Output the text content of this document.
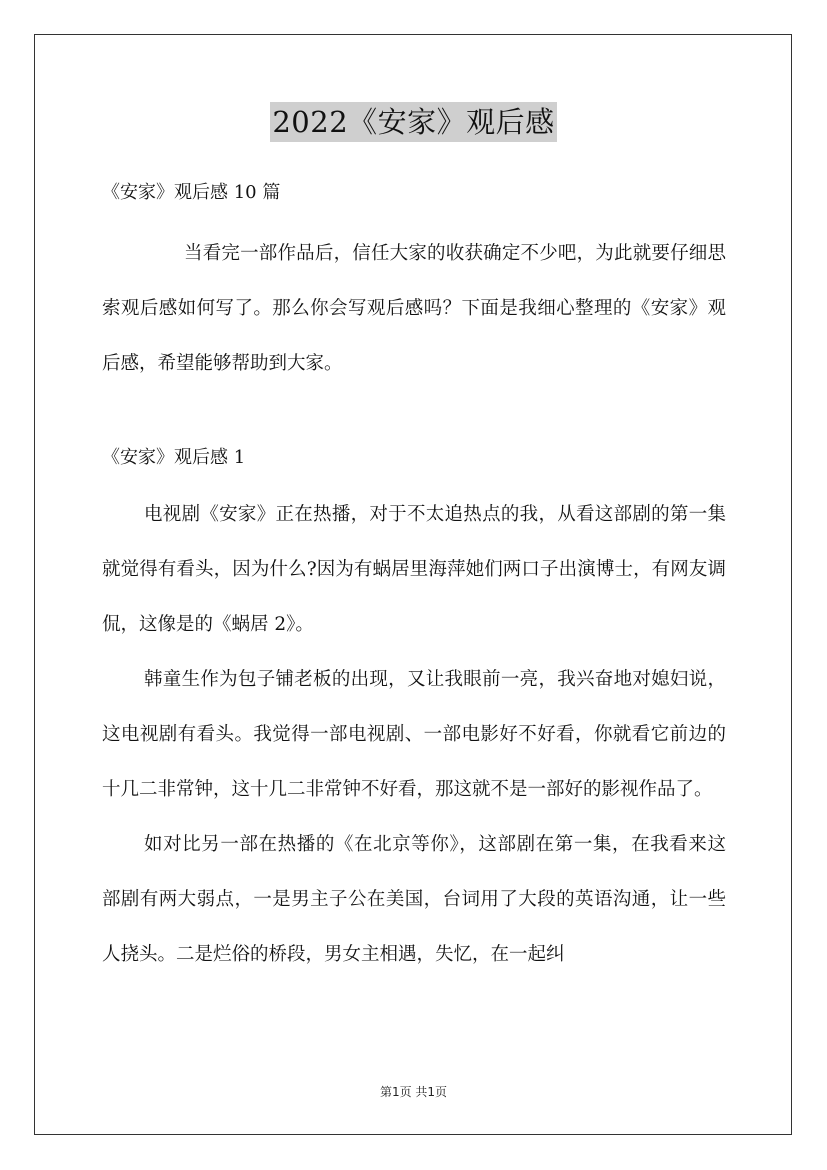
2022《安家》观后感

《安家》观后感 10 篇

当看完一部作品后，信任大家的收获确定不少吧，为此就要仔细思索观后感如何写了。那么你会写观后感吗？下面是我细心整理的《安家》观后感，希望能够帮助到大家。

《安家》观后感 1

电视剧《安家》正在热播，对于不太追热点的我，从看这部剧的第一集就觉得有看头，因为什么?因为有蜗居里海萍她们两口子出演博士，有网友调侃，这像是的《蜗居 2》。

韩童生作为包子铺老板的出现，又让我眼前一亮，我兴奋地对媳妇说，这电视剧有看头。我觉得一部电视剧、一部电影好不好看，你就看它前边的十几二非常钟，这十几二非常钟不好看，那这就不是一部好的影视作品了。

如对比另一部在热播的《在北京等你》，这部剧在第一集，在我看来这部剧有两大弱点，一是男主子公在美国，台词用了大段的英语沟通，让一些人挠头。二是烂俗的桥段，男女主相遇，失忆，在一起纠

第1页 共1页
